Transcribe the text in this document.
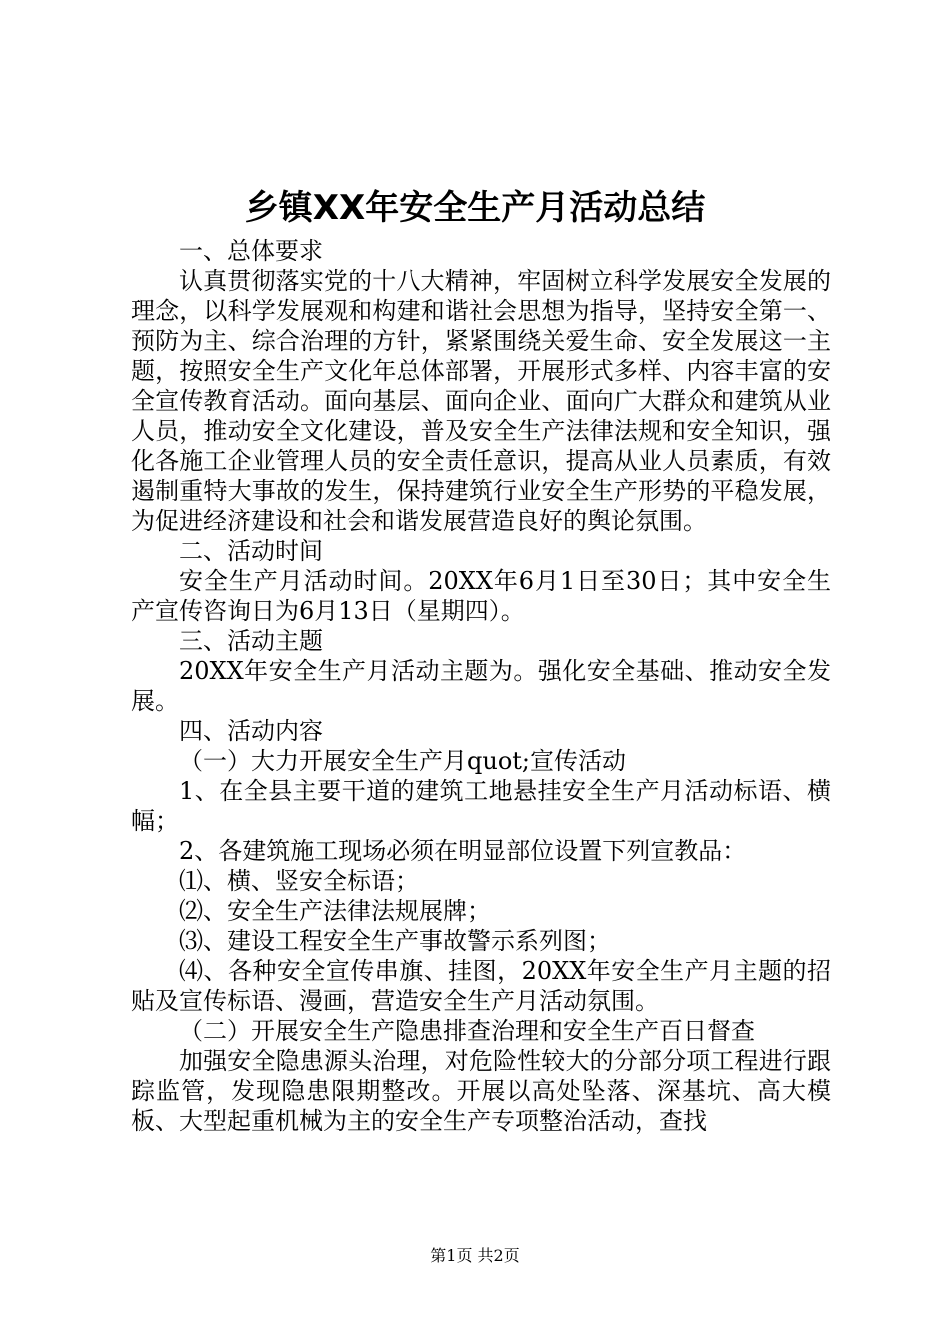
乡镇XX年安全生产月活动总结

一、总体要求

认真贯彻落实党的十八大精神，牢固树立科学发展安全发展的理念，以科学发展观和构建和谐社会思想为指导，坚持安全第一、预防为主、综合治理的方针，紧紧围绕关爱生命、安全发展这一主题，按照安全生产文化年总体部署，开展形式多样、内容丰富的安全宣传教育活动。面向基层、面向企业、面向广大群众和建筑从业人员，推动安全文化建设，普及安全生产法律法规和安全知识，强化各施工企业管理人员的安全责任意识，提高从业人员素质，有效遏制重特大事故的发生，保持建筑行业安全生产形势的平稳发展，为促进经济建设和社会和谐发展营造良好的舆论氛围。

二、活动时间

安全生产月活动时间。20XX年6月1日至30日；其中安全生产宣传咨询日为6月13日（星期四）。

三、活动主题

20XX年安全生产月活动主题为。强化安全基础、推动安全发展。

四、活动内容

（一）大力开展安全生产月quot;宣传活动

1、在全县主要干道的建筑工地悬挂安全生产月活动标语、横幅；

2、各建筑施工现场必须在明显部位设置下列宣教品：

⑴、横、竖安全标语；

⑵、安全生产法律法规展牌；

⑶、建设工程安全生产事故警示系列图；

⑷、各种安全宣传串旗、挂图，20XX年安全生产月主题的招贴及宣传标语、漫画，营造安全生产月活动氛围。

（二）开展安全生产隐患排查治理和安全生产百日督查

加强安全隐患源头治理，对危险性较大的分部分项工程进行跟踪监管，发现隐患限期整改。开展以高处坠落、深基坑、高大模板、大型起重机械为主的安全生产专项整治活动，查找

第1页 共2页
